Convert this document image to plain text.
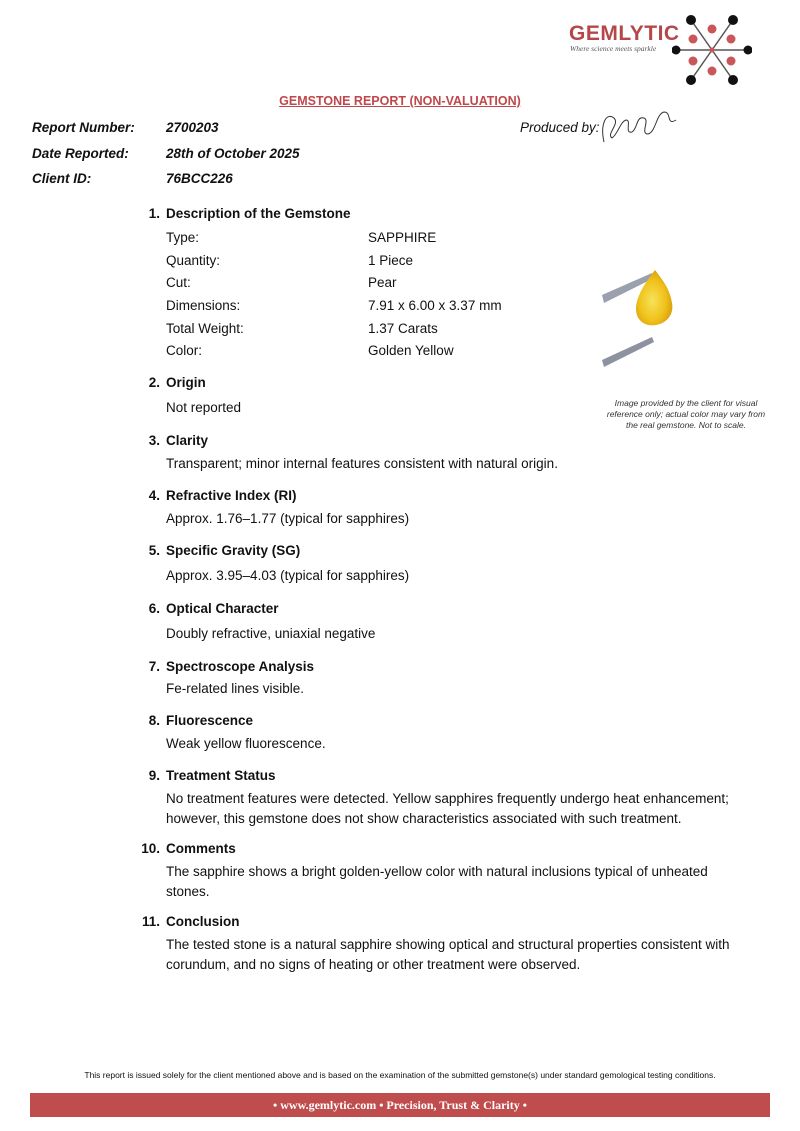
GEMLYTIC
Where science meets sparkle
GEMSTONE REPORT (NON-VALUATION)
Report Number: 2700203
Date Reported:	28th of October 2025
Client ID:	76BCC226
Produced by:
1. Description of the Gemstone
Type:	SAPPHIRE
Quantity:	1 Piece
Cut:	Pear
Dimensions:	7.91 x 6.00 x 3.37 mm
Total Weight:	1.37 Carats
Color:	Golden Yellow
Image provided by the client for visual reference only; actual color may vary from the real gemstone. Not to scale.
2. Origin
Not reported
3. Clarity
Transparent; minor internal features consistent with natural origin.
4. Refractive Index (RI)
Approx. 1.76–1.77 (typical for sapphires)
5. Specific Gravity (SG)
Approx. 3.95–4.03 (typical for sapphires)
6. Optical Character
Doubly refractive, uniaxial negative
7. Spectroscope Analysis
Fe-related lines visible.
8. Fluorescence
Weak yellow fluorescence.
9. Treatment Status
No treatment features were detected. Yellow sapphires frequently undergo heat enhancement; however, this gemstone does not show characteristics associated with such treatment.
10. Comments
The sapphire shows a bright golden-yellow color with natural inclusions typical of unheated stones.
11. Conclusion
The tested stone is a natural sapphire showing optical and structural properties consistent with corundum, and no signs of heating or other treatment were observed.
This report is issued solely for the client mentioned above and is based on the examination of the submitted gemstone(s) under standard gemological testing conditions.
• www.gemlytic.com • Precision, Trust & Clarity •
